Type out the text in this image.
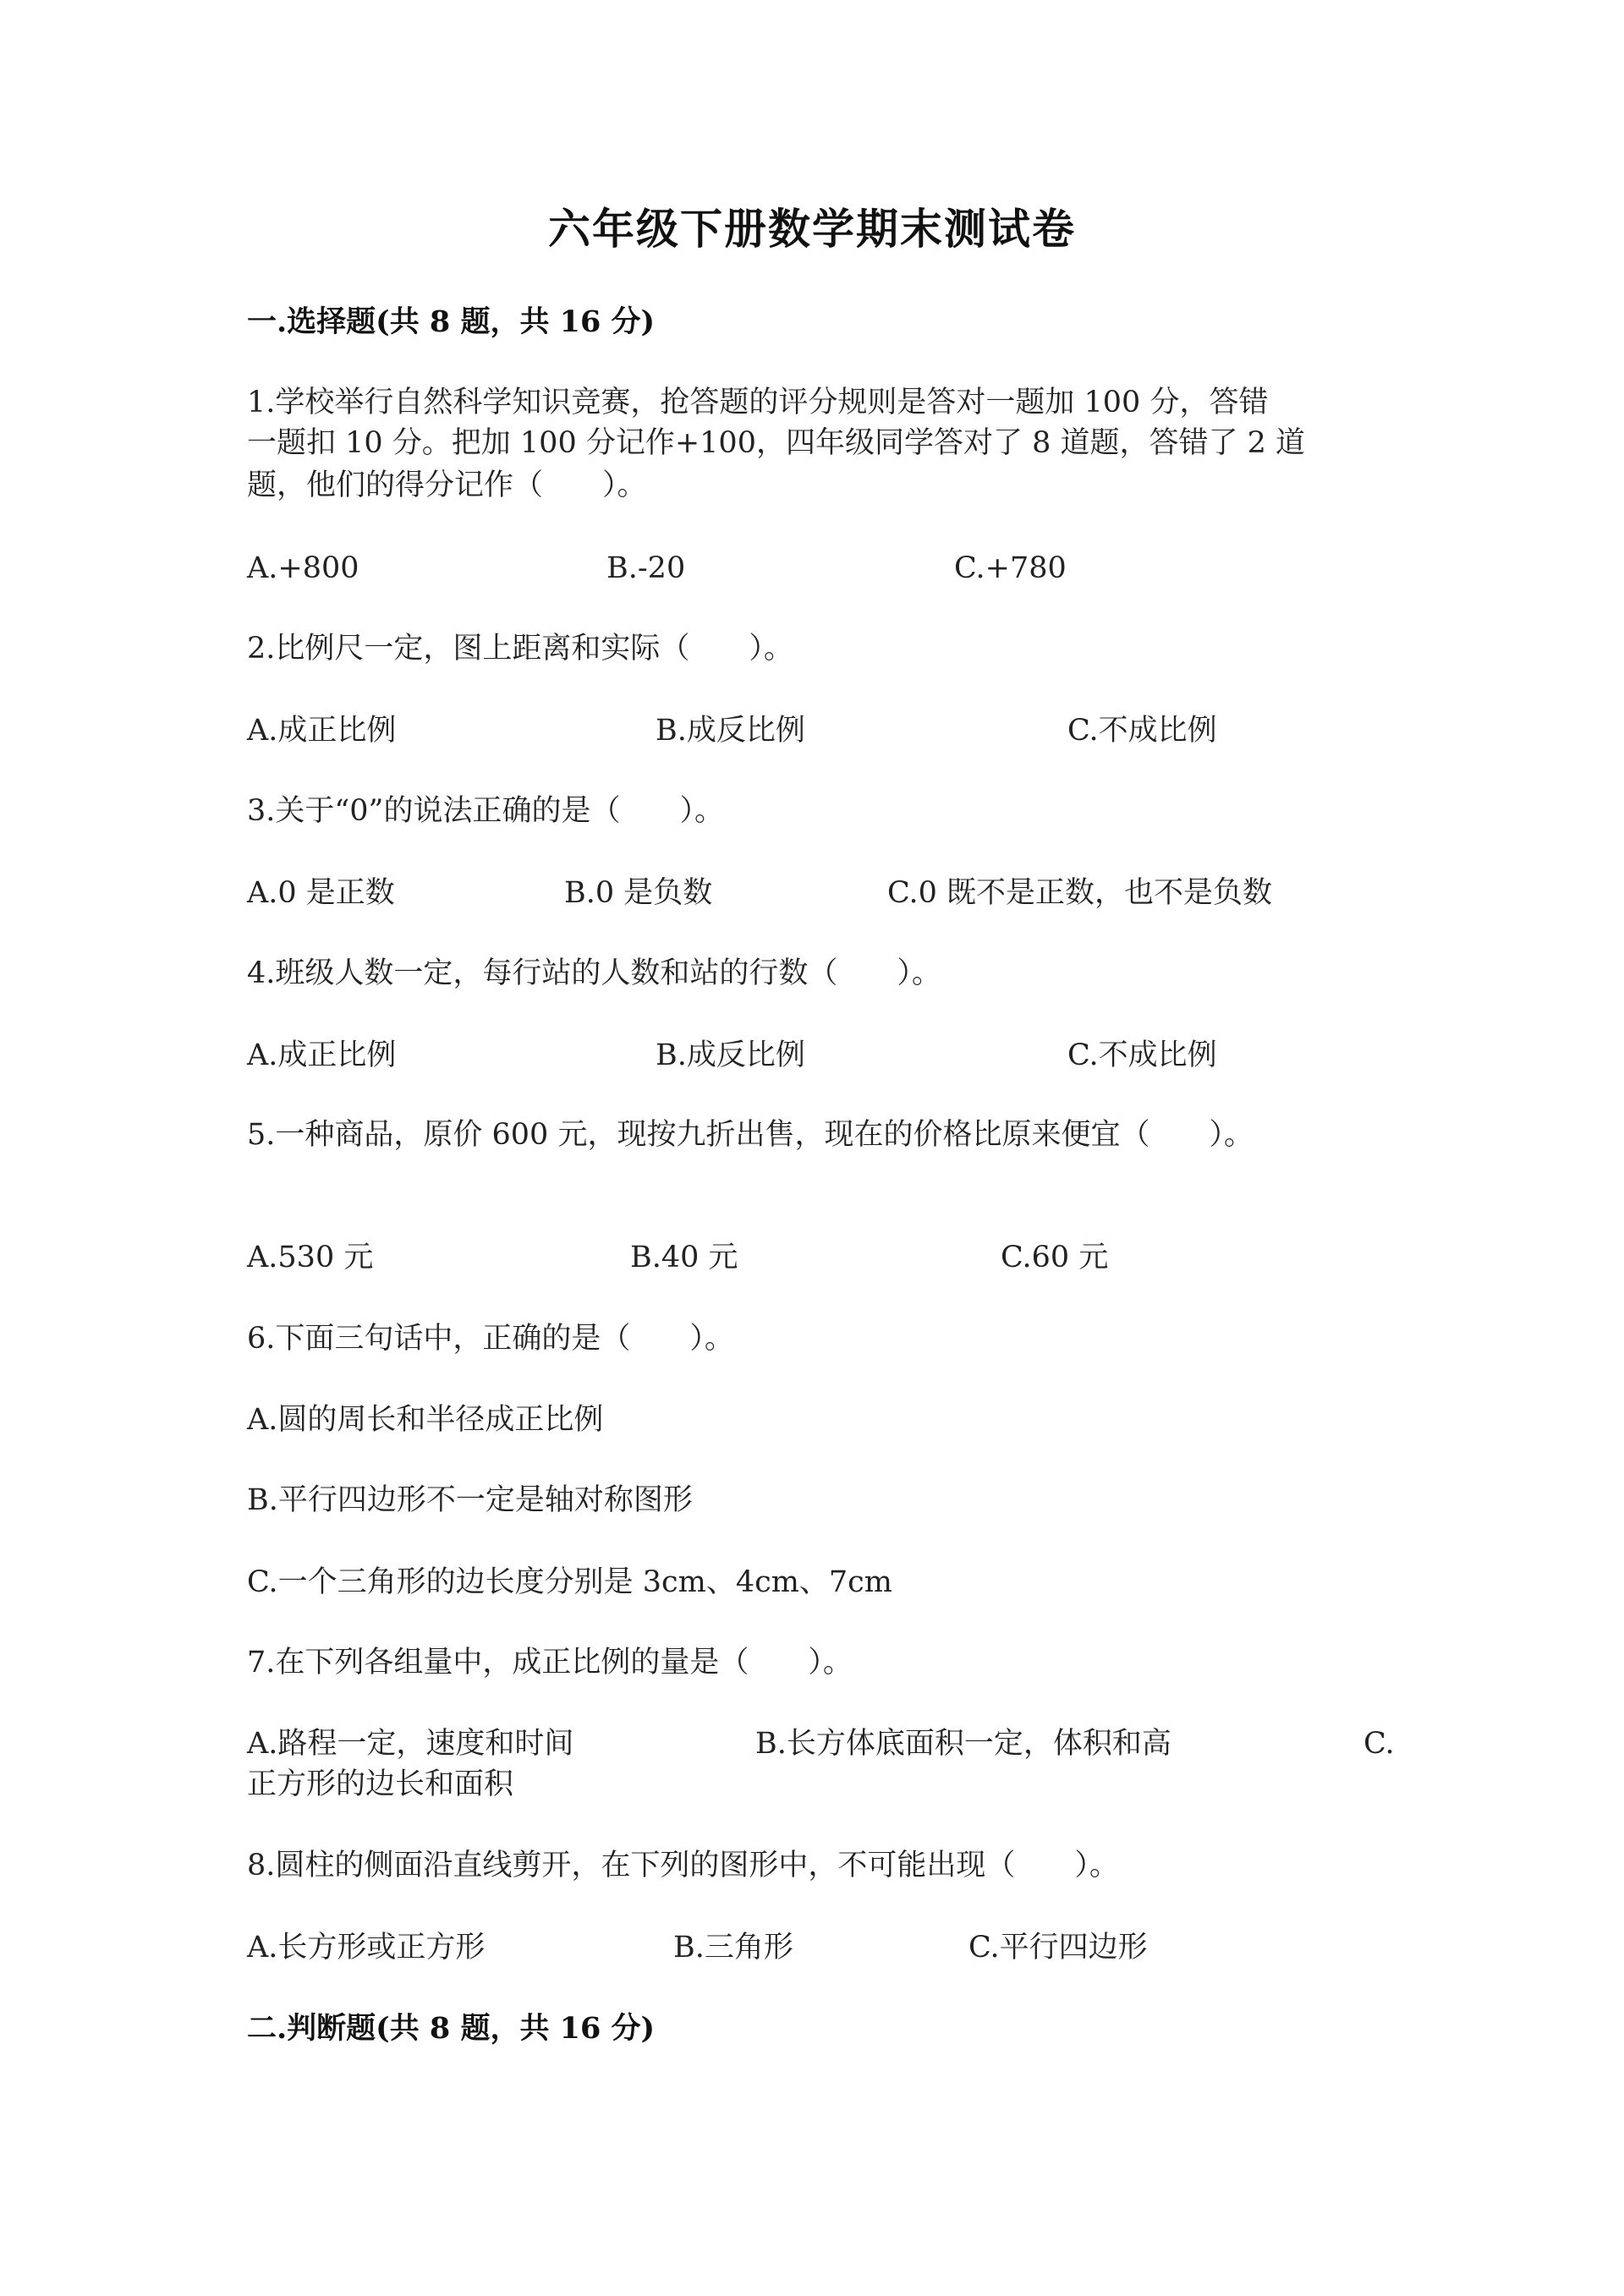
六年级下册数学期末测试卷
一.选择题(共 8 题，共 16 分)
1.学校举行自然科学知识竞赛，抢答题的评分规则是答对一题加 100 分，答错
一题扣 10 分。把加 100 分记作+100，四年级同学答对了 8 道题，答错了 2 道
题，他们的得分记作（　　）。
A.+800	B.-20	C.+780
2.比例尺一定，图上距离和实际（　　）。
A.成正比例	B.成反比例	C.不成比例
3.关于“0”的说法正确的是（　　）。
A.0 是正数	B.0 是负数	C.0 既不是正数，也不是负数
4.班级人数一定，每行站的人数和站的行数（　　）。
A.成正比例	B.成反比例	C.不成比例
5.一种商品，原价 600 元，现按九折出售，现在的价格比原来便宜（　　）。
A.530 元	B.40 元	C.60 元
6.下面三句话中，正确的是（　　）。
A.圆的周长和半径成正比例
B.平行四边形不一定是轴对称图形
C.一个三角形的边长度分别是 3cm、4cm、7cm
7.在下列各组量中，成正比例的量是（　　）。
A.路程一定，速度和时间	B.长方体底面积一定，体积和高	C.
正方形的边长和面积
8.圆柱的侧面沿直线剪开，在下列的图形中，不可能出现（　　）。
A.长方形或正方形	B.三角形	C.平行四边形
二.判断题(共 8 题，共 16 分)
